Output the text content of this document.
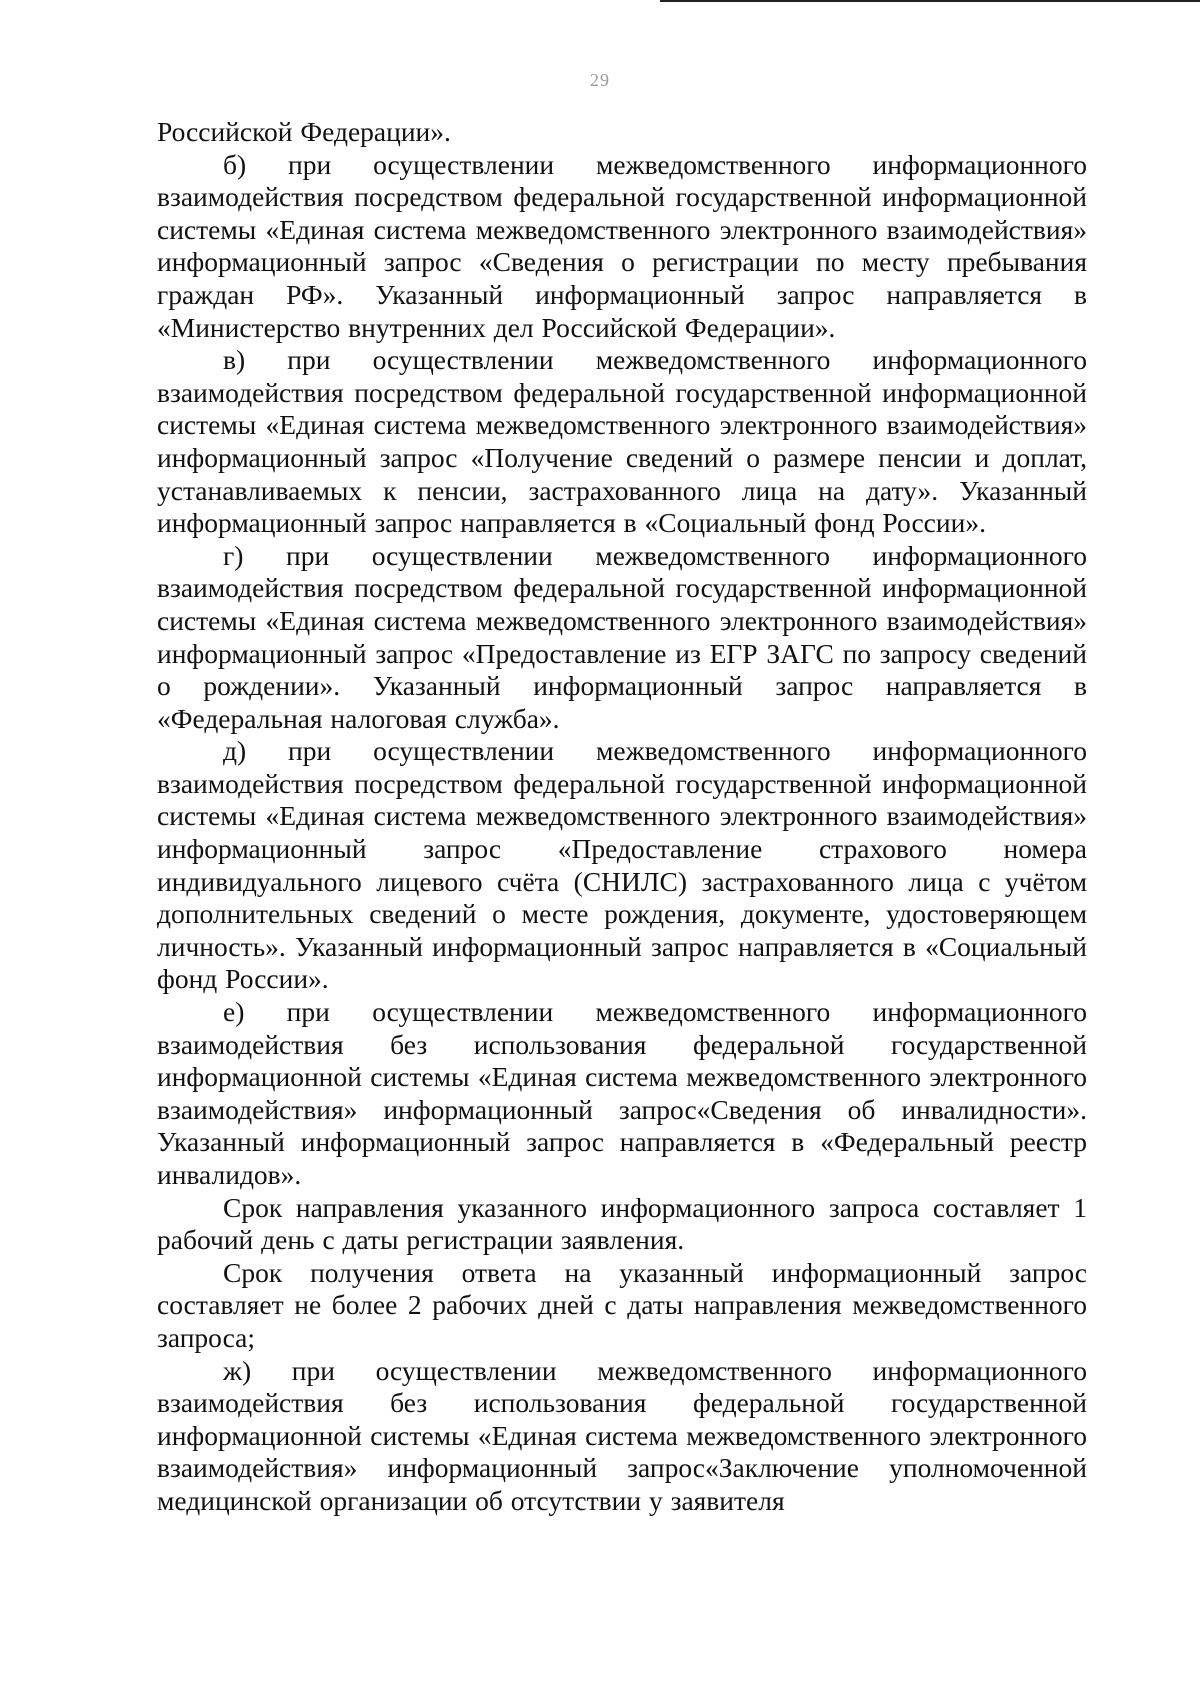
29

Российской Федерации».

б) при осуществлении межведомственного информационного взаимодействия посредством федеральной государственной информационной системы «Единая система межведомственного электронного взаимодействия» информационный запрос «Сведения о регистрации по месту пребывания граждан РФ». Указанный информационный запрос направляется в «Министерство внутренних дел Российской Федерации».

в) при осуществлении межведомственного информационного взаимодействия посредством федеральной государственной информационной системы «Единая система межведомственного электронного взаимодействия» информационный запрос «Получение сведений о размере пенсии и доплат, устанавливаемых к пенсии, застрахованного лица на дату». Указанный информационный запрос направляется в «Социальный фонд России».

г) при осуществлении межведомственного информационного взаимодействия посредством федеральной государственной информационной системы «Единая система межведомственного электронного взаимодействия» информационный запрос «Предоставление из ЕГР ЗАГС по запросу сведений о рождении». Указанный информационный запрос направляется в «Федеральная налоговая служба».

д) при осуществлении межведомственного информационного взаимодействия посредством федеральной государственной информационной системы «Единая система межведомственного электронного взаимодействия» информационный запрос «Предоставление страхового номера индивидуального лицевого счёта (СНИЛС) застрахованного лица с учётом дополнительных сведений о месте рождения, документе, удостоверяющем личность». Указанный информационный запрос направляется в «Социальный фонд России».

е) при осуществлении межведомственного информационного взаимодействия без использования федеральной государственной информационной системы «Единая система межведомственного электронного взаимодействия» информационный запрос«Сведения об инвалидности». Указанный информационный запрос направляется в «Федеральный реестр инвалидов».

Срок направления указанного информационного запроса составляет 1 рабочий день с даты регистрации заявления.

Срок получения ответа на указанный информационный запрос составляет не более 2 рабочих дней с даты направления межведомственного запроса;

ж) при осуществлении межведомственного информационного взаимодействия без использования федеральной государственной информационной системы «Единая система межведомственного электронного взаимодействия» информационный запрос«Заключение уполномоченной медицинской организации об отсутствии у заявителя
